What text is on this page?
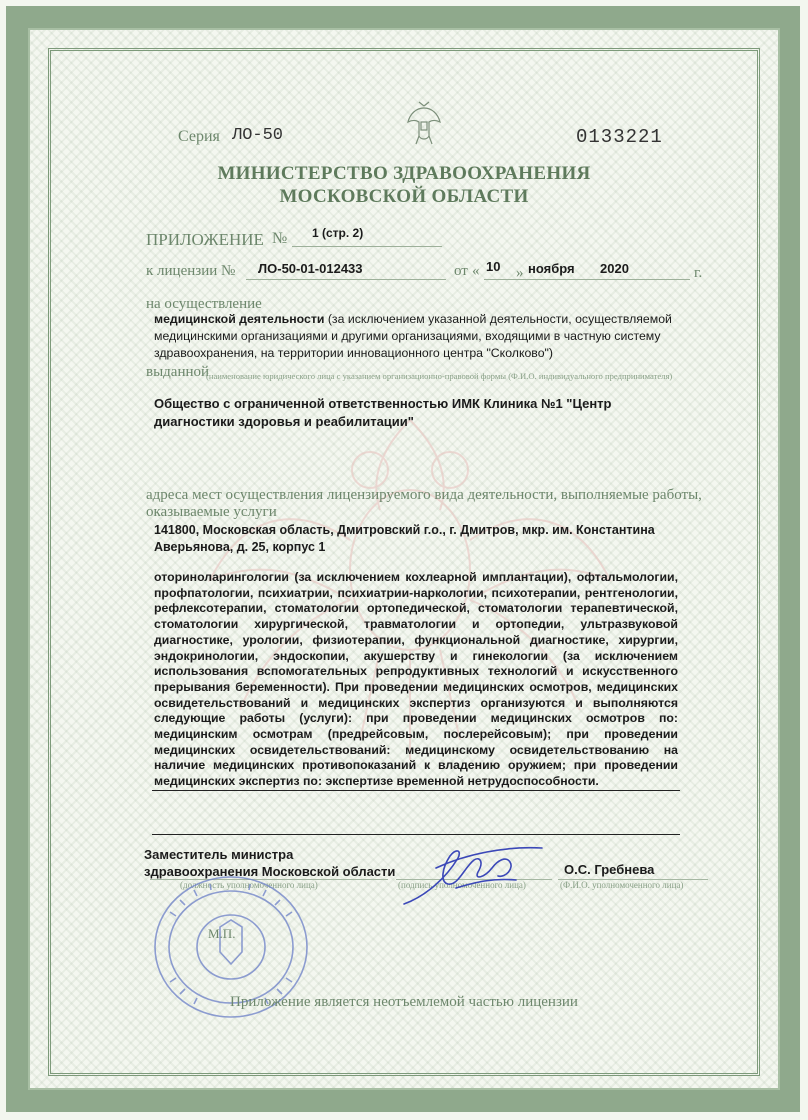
Серия ЛО-50	0133221
МИНИСТЕРСТВО ЗДРАВООХРАНЕНИЯ
МОСКОВСКОЙ ОБЛАСТИ
ПРИЛОЖЕНИЕ № 1 (стр. 2)
к лицензии № ЛО-50-01-012433	от « 10 » ноября 2020	г.
на осуществление
медицинской деятельности (за исключением указанной деятельности, осуществляемой медицинскими организациями и другими организациями, входящими в частную систему здравоохранения, на территории инновационного центра "Сколково")
выданной
(наименование юридического лица с указанием организационно-правовой формы (Ф.И.О. индивидуального предпринимателя)
Общество с ограниченной ответственностью ИМК Клиника №1 "Центр диагностики здоровья и реабилитации"
адреса мест осуществления лицензируемого вида деятельности, выполняемые работы, оказываемые услуги
141800, Московская область, Дмитровский г.о., г. Дмитров, мкр. им. Константина Аверьянова, д. 25, корпус 1
оториноларингологии (за исключением кохлеарной имплантации), офтальмологии, профпатологии, психиатрии, психиатрии-наркологии, психотерапии, рентгенологии, рефлексотерапии, стоматологии ортопедической, стоматологии терапевтической, стоматологии хирургической, травматологии и ортопедии, ультразвуковой диагностике, урологии, физиотерапии, функциональной диагностике, хирургии, эндокринологии, эндоскопии, акушерству и гинекологии (за исключением использования вспомогательных репродуктивных технологий и искусственного прерывания беременности). При проведении медицинских осмотров, медицинских освидетельствований и медицинских экспертиз организуются и выполняются следующие работы (услуги): при проведении медицинских осмотров по: медицинским осмотрам (предрейсовым, послерейсовым); при проведении медицинских освидетельствований: медицинскому освидетельствованию на наличие медицинских противопоказаний к владению оружием; при проведении медицинских экспертиз по: экспертизе временной нетрудоспособности.
Заместитель министра
здравоохранения Московской области	О.С. Гребнева
(должность уполномоченного лица)	(подпись уполномоченного лица)	(Ф.И.О. уполномоченного лица)
М.П.
Приложение является неотъемлемой частью лицензии
